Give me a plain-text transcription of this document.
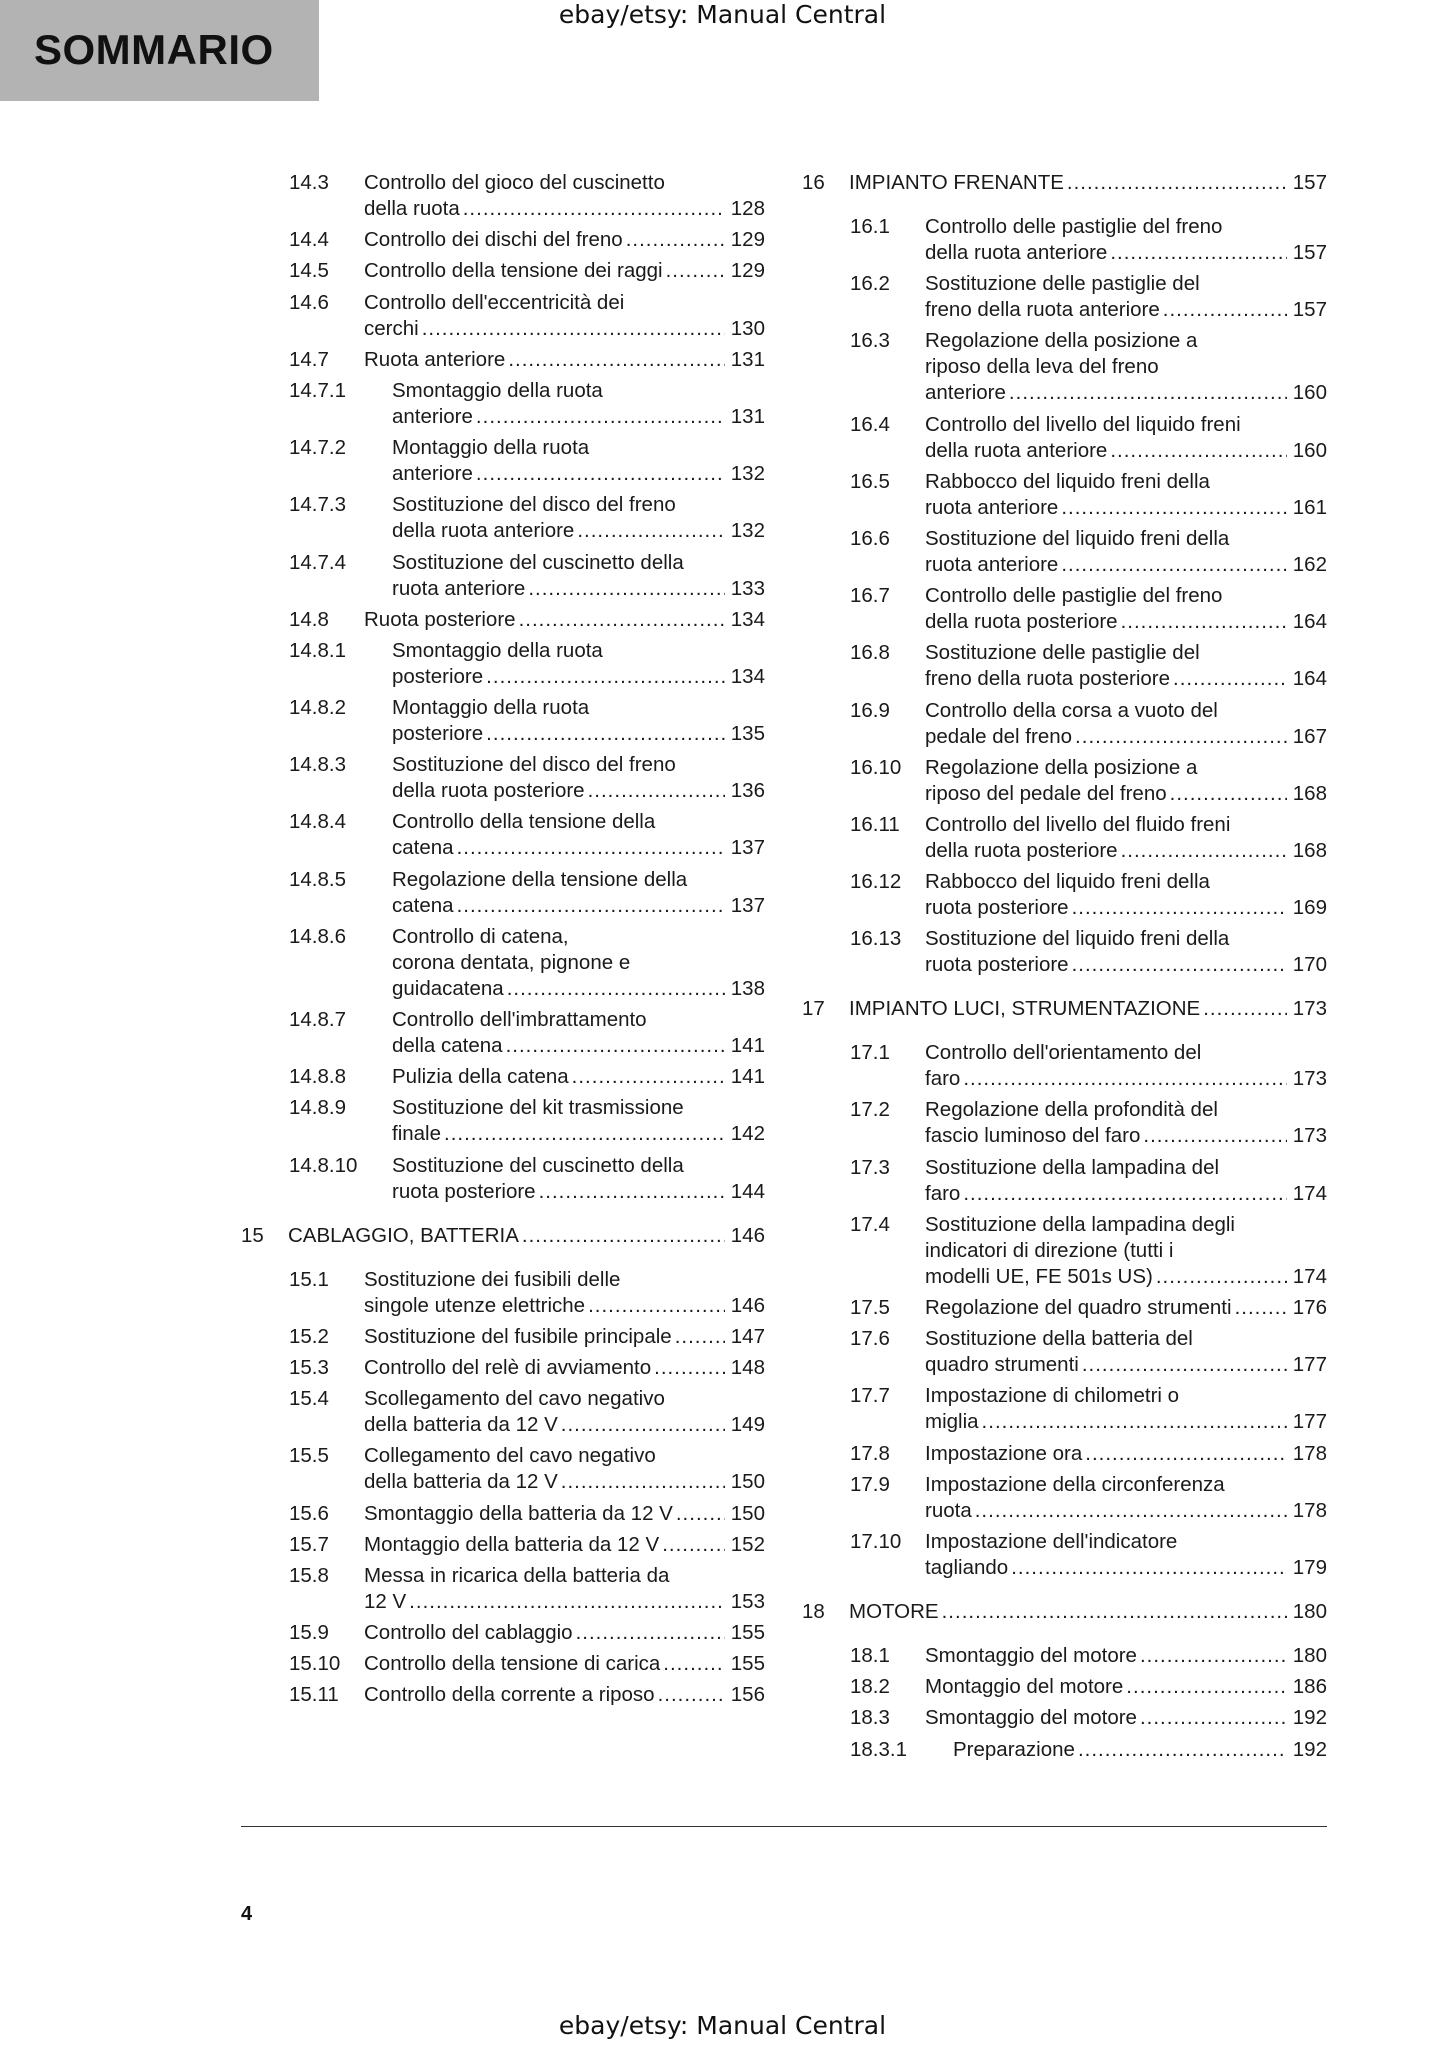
SOMMARIO
ebay/etsy: Manual Central
14.3 Controllo del gioco del cuscinetto
della ruota .....	128
14.4 Controllo dei dischi del freno .....	129
14.5 Controllo della tensione dei raggi .....	129
14.6 Controllo dell'eccentricità dei
cerchi .....	130
14.7 Ruota anteriore .....	131
14.7.1 Smontaggio della ruota
anteriore .....	131
14.7.2 Montaggio della ruota
anteriore .....	132
14.7.3 Sostituzione del disco del freno
della ruota anteriore .....	132
14.7.4 Sostituzione del cuscinetto della
ruota anteriore .....	133
14.8 Ruota posteriore .....	134
14.8.1 Smontaggio della ruota
posteriore .....	134
14.8.2 Montaggio della ruota
posteriore .....	135
14.8.3 Sostituzione del disco del freno
della ruota posteriore .....	136
14.8.4 Controllo della tensione della
catena .....	137
14.8.5 Regolazione della tensione della
catena .....	137
14.8.6 Controllo di catena,
corona dentata, pignone e
guidacatena .....	138
14.8.7 Controllo dell'imbrattamento
della catena .....	141
14.8.8 Pulizia della catena .....	141
14.8.9 Sostituzione del kit trasmissione
finale .....	142
14.8.10 Sostituzione del cuscinetto della
ruota posteriore .....	144
15 CABLAGGIO, BATTERIA .....	146
15.1 Sostituzione dei fusibili delle
singole utenze elettriche .....	146
15.2 Sostituzione del fusibile principale .....	147
15.3 Controllo del relè di avviamento .....	148
15.4 Scollegamento del cavo negativo
della batteria da 12 V .....	149
15.5 Collegamento del cavo negativo
della batteria da 12 V .....	150
15.6 Smontaggio della batteria da 12 V .....	150
15.7 Montaggio della batteria da 12 V .....	152
15.8 Messa in ricarica della batteria da
12 V .....	153
15.9 Controllo del cablaggio .....	155
15.10 Controllo della tensione di carica .....	155
15.11 Controllo della corrente a riposo .....	156
16 IMPIANTO FRENANTE .....	157
16.1 Controllo delle pastiglie del freno
della ruota anteriore .....	157
16.2 Sostituzione delle pastiglie del
freno della ruota anteriore .....	157
16.3 Regolazione della posizione a
riposo della leva del freno
anteriore .....	160
16.4 Controllo del livello del liquido freni
della ruota anteriore .....	160
16.5 Rabbocco del liquido freni della
ruota anteriore .....	161
16.6 Sostituzione del liquido freni della
ruota anteriore .....	162
16.7 Controllo delle pastiglie del freno
della ruota posteriore .....	164
16.8 Sostituzione delle pastiglie del
freno della ruota posteriore .....	164
16.9 Controllo della corsa a vuoto del
pedale del freno .....	167
16.10 Regolazione della posizione a
riposo del pedale del freno .....	168
16.11 Controllo del livello del fluido freni
della ruota posteriore .....	168
16.12 Rabbocco del liquido freni della
ruota posteriore .....	169
16.13 Sostituzione del liquido freni della
ruota posteriore .....	170
17 IMPIANTO LUCI, STRUMENTAZIONE .....	173
17.1 Controllo dell'orientamento del
faro .....	173
17.2 Regolazione della profondità del
fascio luminoso del faro .....	173
17.3 Sostituzione della lampadina del
faro .....	174
17.4 Sostituzione della lampadina degli
indicatori di direzione (tutti i
modelli UE, FE 501s US) .....	174
17.5 Regolazione del quadro strumenti .....	176
17.6 Sostituzione della batteria del
quadro strumenti .....	177
17.7 Impostazione di chilometri o
miglia .....	177
17.8 Impostazione ora .....	178
17.9 Impostazione della circonferenza
ruota .....	178
17.10 Impostazione dell'indicatore
tagliando .....	179
18 MOTORE .....	180
18.1 Smontaggio del motore .....	180
18.2 Montaggio del motore .....	186
18.3 Smontaggio del motore .....	192
18.3.1 Preparazione .....	192
4
ebay/etsy: Manual Central
